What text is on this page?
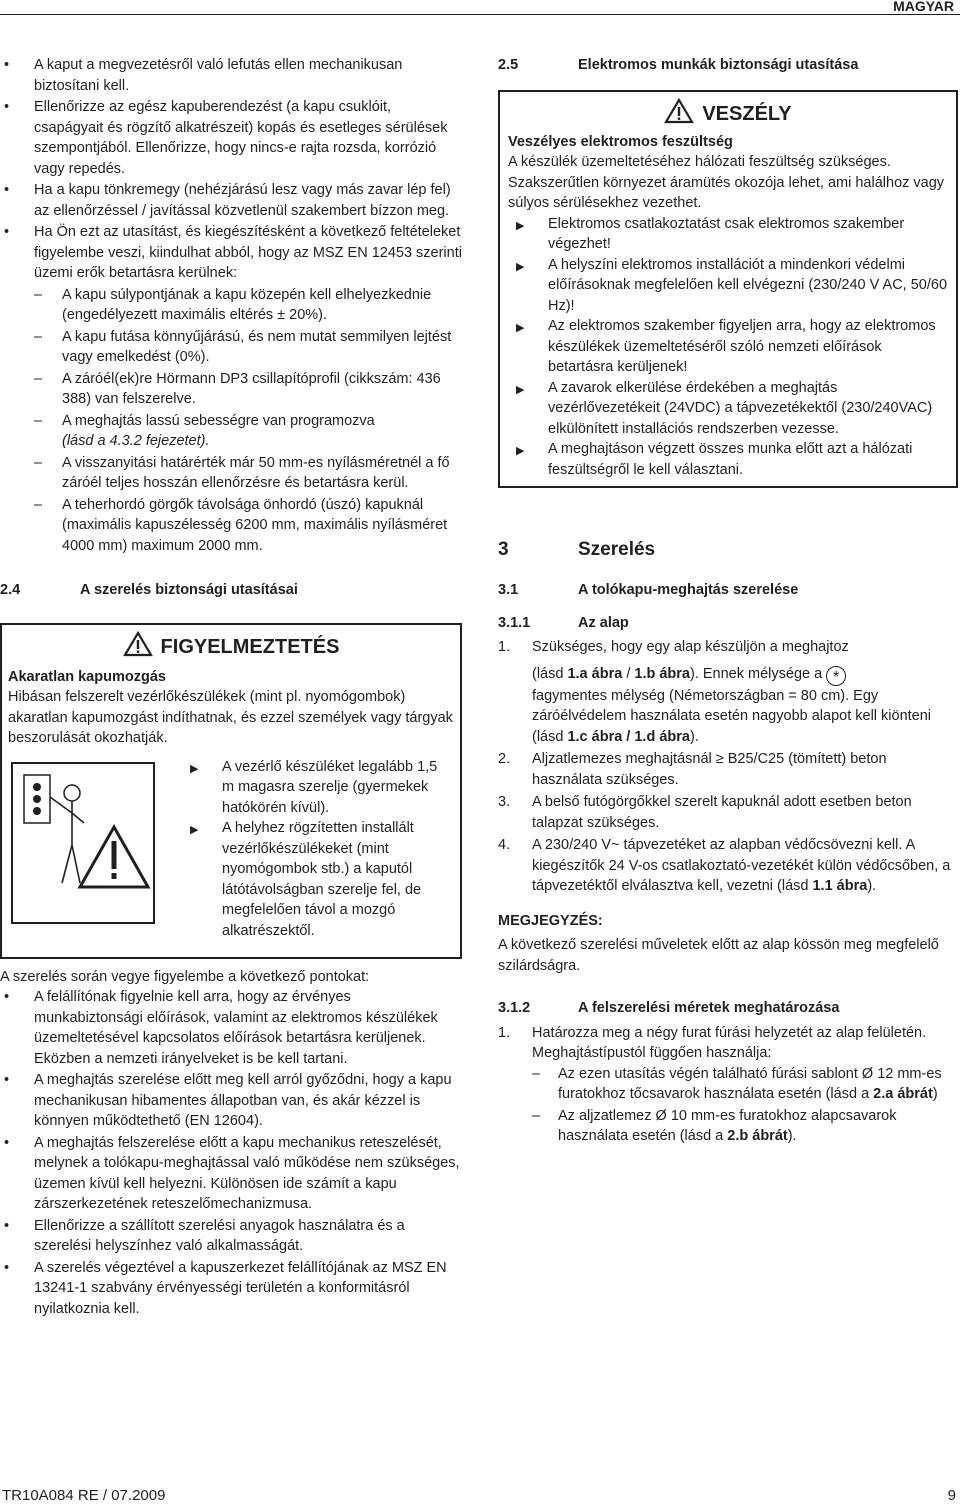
MAGYAR
• A kaput a megvezetésről való lefutás ellen mechanikusan biztosítani kell.
• Ellenőrizze az egész kapuberendezést (a kapu csuklóit, csapágyait és rögzítő alkatrészeit) kopás és esetleges sérülések szempontjából. Ellenőrizze, hogy nincs-e rajta rozsda, korrózió vagy repedés.
• Ha a kapu tönkremegy (nehézjárású lesz vagy más zavar lép fel) az ellenőrzéssel / javítással közvetlenül szakembert bízzon meg.
• Ha Ön ezt az utasítást, és kiegészítésként a következő feltételeket figyelembe veszi, kiindulhat abból, hogy az MSZ EN 12453 szerinti üzemi erők betartásra kerülnek:
– A kapu súlypontjának a kapu közepén kell elhelyezkednie (engedélyezett maximális eltérés ± 20%).
– A kapu futása könnyűjárású, és nem mutat semmilyen lejtést vagy emelkedést (0%).
– A záróél(ek)re Hörmann DP3 csillapítóprofil (cikkszám: 436 388) van felszerelve.
– A meghajtás lassú sebességre van programozva
(lásd a 4.3.2 fejezetet).
– A visszanyitási határérték már 50 mm-es nyílásméretnél a fő záróél teljes hosszán ellenőrzésre és betartásra kerül.
– A teherhordó görgők távolsága önhordó (úszó) kapuknál (maximális kapuszélesség 6200 mm, maximális nyílásméret 4000 mm) maximum 2000 mm.
2.4	A szerelés biztonsági utasításai
FIGYELMEZTETÉS

Akaratlan kapumozgás

Hibásan felszerelt vezérlőkészülékek (mint pl. nyomógombok) akaratlan kapumozgást indíthatnak, és ezzel személyek vagy tárgyak beszorulását okozhatják.

▶ A vezérlő készüléket legalább 1,5 m magasra szerelje (gyermekek hatókörén kívül).
▶ A helyhez rögzítetten installált vezérlőkészülékeket (mint nyomógombok stb.) a kaputól látótávolságban szerelje fel, de megfelelően távol a mozgó alkatrészektől.

A szerelés során vegye figyelembe a következő pontokat:

• A felállítónak figyelnie kell arra, hogy az érvényes munkabiztonsági előírások, valamint az elektromos készülékek üzemeltetésével kapcsolatos előírások betartásra kerüljenek. Eközben a nemzeti irányelveket is be kell tartani.
• A meghajtás szerelése előtt meg kell arról győződni, hogy a kapu mechanikusan hibamentes állapotban van, és akár kézzel is könnyen működtethető (EN 12604).
• A meghajtás felszerelése előtt a kapu mechanikus reteszelését, melynek a tolókapu-meghajtással való működése nem szükséges, üzemen kívül kell helyezni. Különösen ide számít a kapu zárszerkezetének reteszelőmechanizmusa.
• Ellenőrizze a szállított szerelési anyagok használatra és a szerelési helyszínhez való alkalmasságát.
• A szerelés végeztével a kapuszerkezet felállítójának az MSZ EN 13241-1 szabvány érvényességi területén a konformitásról nyilatkoznia kell.
2.5	Elektromos munkák biztonsági utasítása
VESZÉLY

Veszélyes elektromos feszültség

A készülék üzemeltetéséhez hálózati feszültség szükséges. Szakszerűtlen környezet áramütés okozója lehet, ami halálhoz vagy súlyos sérülésekhez vezethet.

▶ Elektromos csatlakoztatást csak elektromos szakember végezhet!
▶ A helyszíni elektromos installációt a mindenkori védelmi előírásoknak megfelelően kell elvégezni (230/240 V AC, 50/60 Hz)!
▶ Az elektromos szakember figyeljen arra, hogy az elektromos készülékek üzemeltetéséről szóló nemzeti előírások betartásra kerüljenek!
▶ A zavarok elkerülése érdekében a meghajtás vezérlővezetékeit (24VDC) a tápvezetékektől (230/240VAC) elkülönített installációs rendszerben vezesse.
▶ A meghajtáson végzett összes munka előtt azt a hálózati feszültségről le kell választani.
3	Szerelés
3.1	A tolókapu-meghajtás szerelése
3.1.1	Az alap
1. Szükséges, hogy egy alap készüljön a meghajtoz
(lásd 1.a ábra / 1.b ábra). Ennek mélysége a *
fagymentes mélység (Németországban = 80 cm). Egy záróélvédelem használata esetén nagyobb alapot kell kiönteni (lásd 1.c ábra / 1.d ábra).
2. Aljzatlemezes meghajtásnál ≥ B25/C25 (tömített) beton használata szükséges.
3. A belső futógörgőkkel szerelt kapuknál adott esetben beton talapzat szükséges.
4. A 230/240 V~ tápvezetéket az alapban védőcsövezni kell. A kiegészítők 24 V-os csatlakoztató-vezetékét külön védőcsőben, a tápvezetéktől elválasztva kell, vezetni (lásd 1.1 ábra).

MEGJEGYZÉS:

A következő szerelési műveletek előtt az alap kössön meg megfelelő szilárdságra.

3.1.2	A felszerelési méretek meghatározása
1. Határozza meg a négy furat fúrási helyzetét az alap felületén.
Meghajtástípustól függően használja:
– Az ezen utasítás végén található fúrási sablont Ø 12 mm-es furatokhoz tőcsavarok használata esetén (lásd a 2.a ábrát)
– Az aljzatlemez Ø 10 mm-es furatokhoz alapcsavarok használata esetén (lásd a 2.b ábrát).
TR10A084 RE / 07.2009	9
